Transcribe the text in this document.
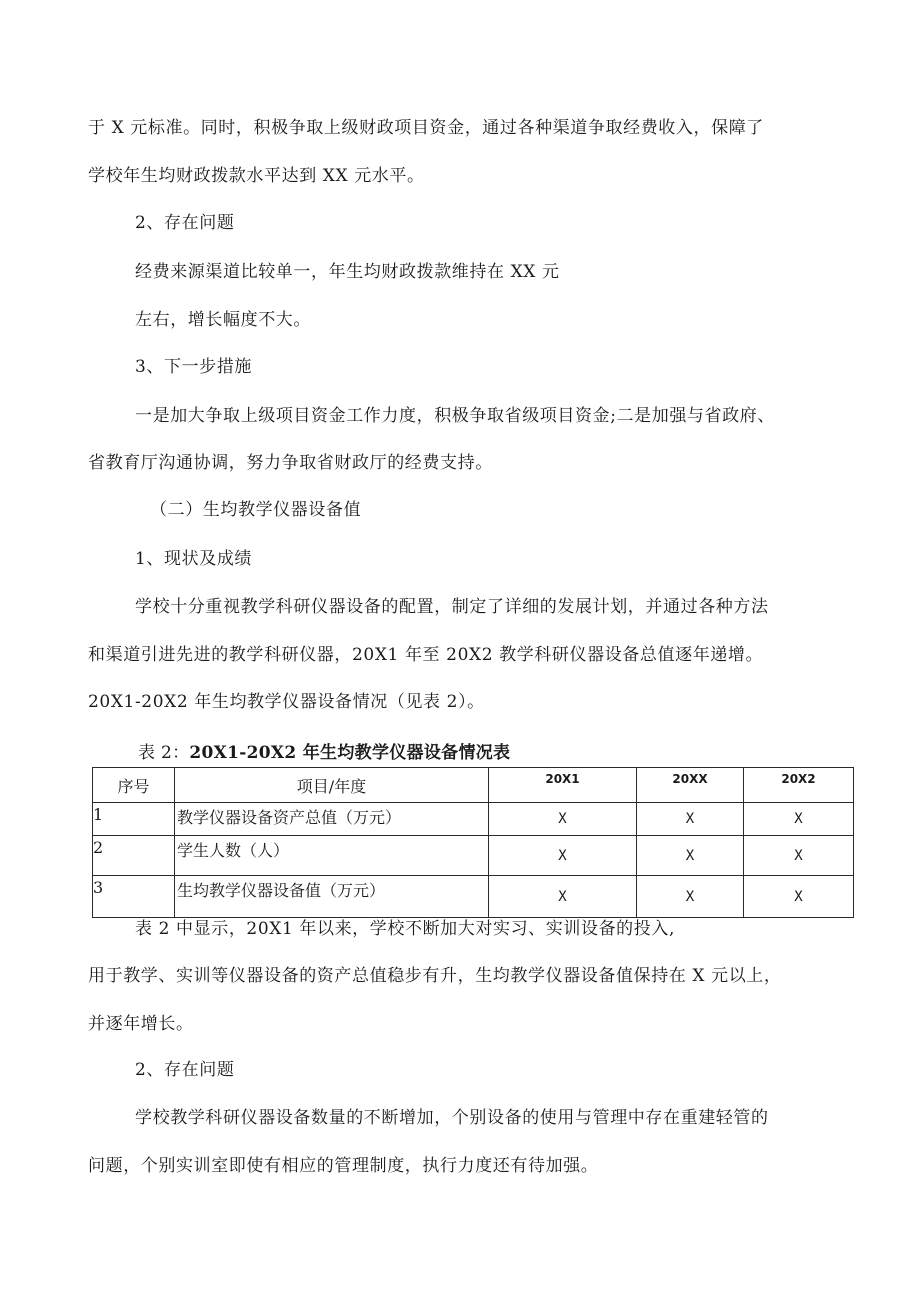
于 X 元标准。同时，积极争取上级财政项目资金，通过各种渠道争取经费收入，保障了

学校年生均财政拨款水平达到 XX 元水平。

2、存在问题

经费来源渠道比较单一，年生均财政拨款维持在 XX 元

左右，增长幅度不大。

3、下一步措施

一是加大争取上级项目资金工作力度，积极争取省级项目资金;二是加强与省政府、

省教育厅沟通协调，努力争取省财政厅的经费支持。

（二）生均教学仪器设备值

1、现状及成绩

学校十分重视教学科研仪器设备的配置，制定了详细的发展计划，并通过各种方法

和渠道引进先进的教学科研仪器，20X1 年至 20X2 教学科研仪器设备总值逐年递增。

20X1-20X2 年生均教学仪器设备情况（见表 2）。

表 2：20X1-20X2 年生均教学仪器设备情况表
序号	项目/年度	20X1	20XX	20X2
1	教学仪器设备资产总值（万元）	X	X	X
2	学生人数（人）	X	X	X
3	生均教学仪器设备值（万元）	X	X	X

表 2 中显示，20X1 年以来，学校不断加大对实习、实训设备的投入,

用于教学、实训等仪器设备的资产总值稳步有升，生均教学仪器设备值保持在 X 元以上，

并逐年增长。

2、存在问题

学校教学科研仪器设备数量的不断增加，个别设备的使用与管理中存在重建轻管的

问题，个别实训室即使有相应的管理制度，执行力度还有待加强。
